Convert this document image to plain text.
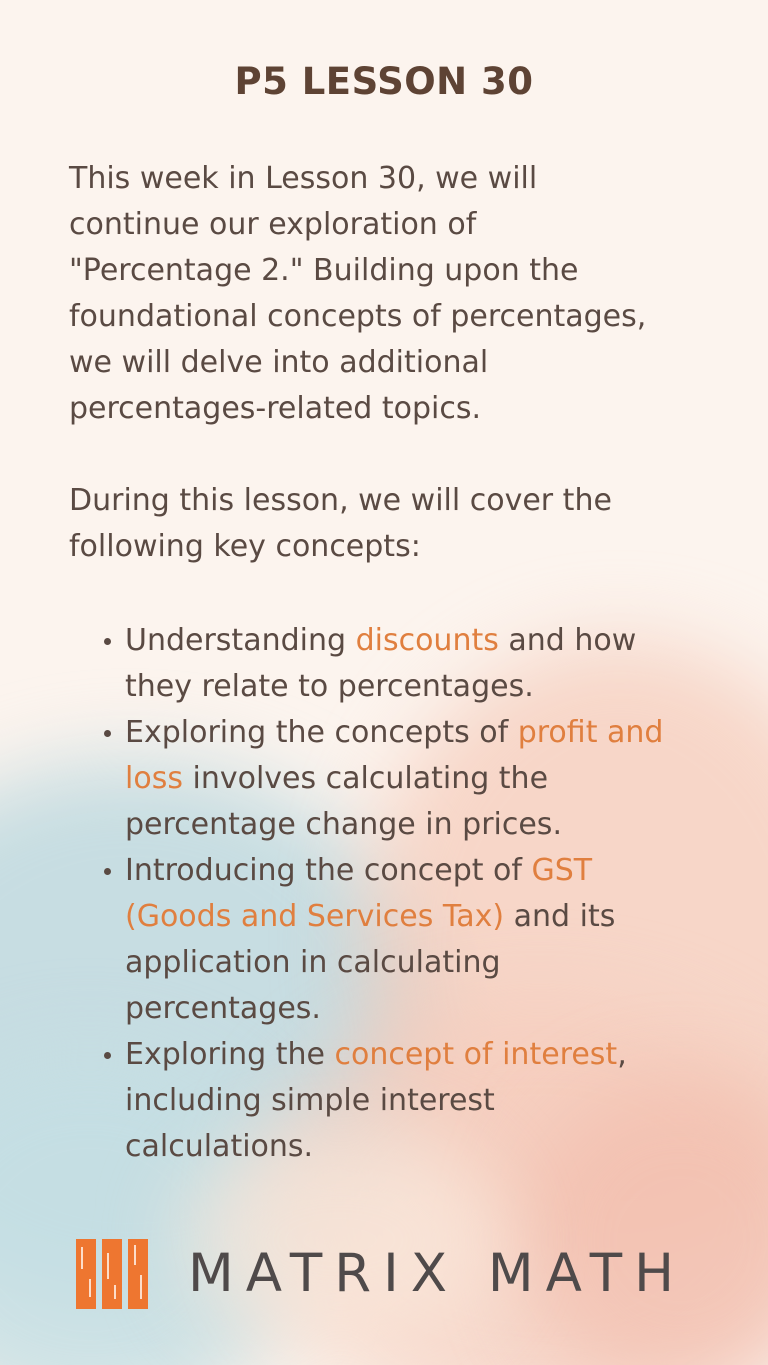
P5 LESSON 30

This week in Lesson 30, we will
continue our exploration of
"Percentage 2." Building upon the
foundational concepts of percentages,
we will delve into additional
percentages-related topics.

During this lesson, we will cover the
following key concepts:

Understanding discounts and how
they relate to percentages.
Exploring the concepts of profit and
loss involves calculating the
percentage change in prices.
Introducing the concept of GST
(Goods and Services Tax) and its
application in calculating
percentages.
Exploring the concept of interest,
including simple interest
calculations.
MATRIX MATH
